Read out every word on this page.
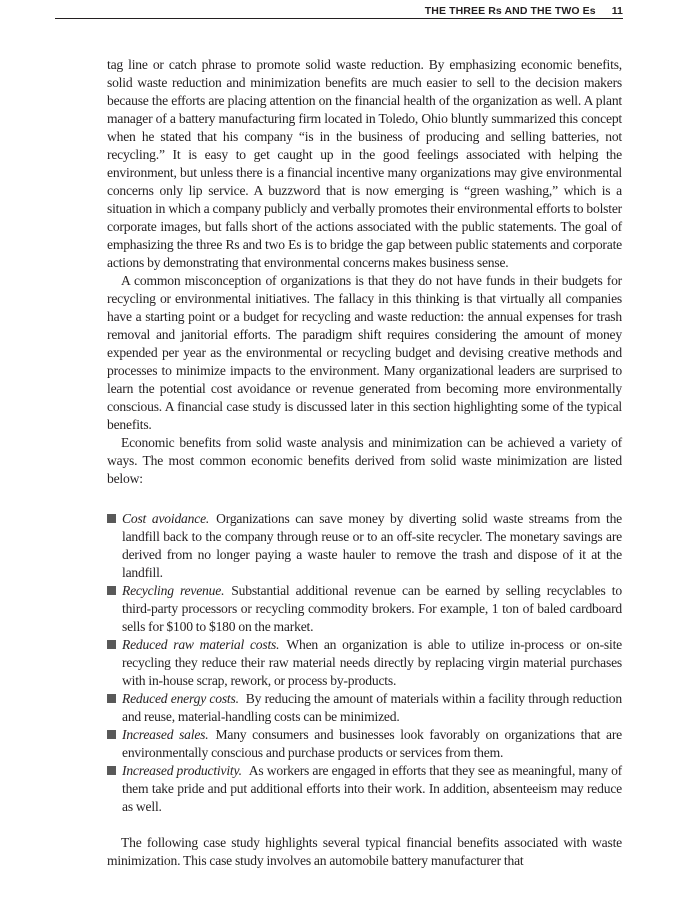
THE THREE Rs AND THE TWO Es 11

tag line or catch phrase to promote solid waste reduction. By emphasizing economic benefits, solid waste reduction and minimization benefits are much easier to sell to the decision makers because the efforts are placing attention on the financial health of the organization as well. A plant manager of a battery manufacturing firm located in Toledo, Ohio bluntly summarized this concept when he stated that his company “is in the business of producing and selling batteries, not recycling.” It is easy to get caught up in the good feelings associated with helping the environment, but unless there is a financial incentive many organizations may give environmental concerns only lip service. A buzzword that is now emerging is “green washing,” which is a situation in which a company publicly and verbally promotes their environmental efforts to bolster corporate images, but falls short of the actions associated with the public statements. The goal of emphasizing the three Rs and two Es is to bridge the gap between public statements and corporate actions by demonstrating that environmental concerns makes business sense.

A common misconception of organizations is that they do not have funds in their budgets for recycling or environmental initiatives. The fallacy in this thinking is that virtually all companies have a starting point or a budget for recycling and waste reduction: the annual expenses for trash removal and janitorial efforts. The paradigm shift requires considering the amount of money expended per year as the environmental or recycling budget and devising creative methods and processes to minimize impacts to the environment. Many organizational leaders are surprised to learn the potential cost avoidance or revenue generated from becoming more environmentally conscious. A financial case study is discussed later in this section highlighting some of the typical benefits.

Economic benefits from solid waste analysis and minimization can be achieved a variety of ways. The most common economic benefits derived from solid waste minimization are listed below:

Cost avoidance. Organizations can save money by diverting solid waste streams from the landfill back to the company through reuse or to an off-site recycler. The monetary savings are derived from no longer paying a waste hauler to remove the trash and dispose of it at the landfill.
Recycling revenue. Substantial additional revenue can be earned by selling recyclables to third-party processors or recycling commodity brokers. For example, 1 ton of baled cardboard sells for $100 to $180 on the market.
Reduced raw material costs. When an organization is able to utilize in-process or on-site recycling they reduce their raw material needs directly by replacing virgin material purchases with in-house scrap, rework, or process by-products.
Reduced energy costs. By reducing the amount of materials within a facility through reduction and reuse, material-handling costs can be minimized.
Increased sales. Many consumers and businesses look favorably on organizations that are environmentally conscious and purchase products or services from them.
Increased productivity. As workers are engaged in efforts that they see as meaningful, many of them take pride and put additional efforts into their work. In addition, absenteeism may reduce as well.

The following case study highlights several typical financial benefits associated with waste minimization. This case study involves an automobile battery manufacturer that
